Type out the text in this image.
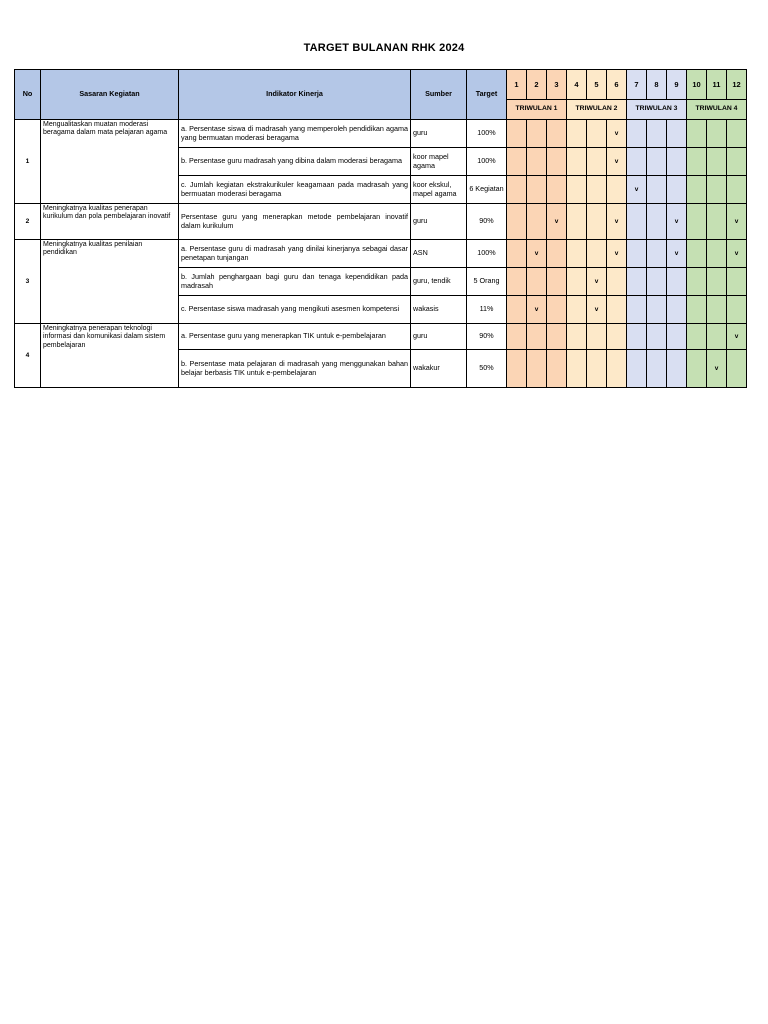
TARGET BULANAN RHK 2024
No	Sasaran Kegiatan	Indikator Kinerja	Sumber	Target	1	2	3	4	5	6	7	8	9	10	11	12
					TRIWULAN 1			TRIWULAN 2			TRIWULAN 3			TRIWULAN 4		
1	Mengualitaskan muatan moderasi beragama dalam mata pelajaran agama	a. Persentase siswa di madrasah yang memperoleh pendidikan agama yang bermuatan moderasi beragama	guru	100%						v						
		b. Persentase guru madrasah yang dibina dalam moderasi beragama	koor mapel agama	100%						v						
		c. Jumlah kegiatan ekstrakurikuler keagamaan pada madrasah yang bermuatan moderasi beragama	koor ekskul, mapel agama	6 Kegiatan							v					
2	Meningkatnya kualitas penerapan kurikulum dan pola pembelajaran inovatif	Persentase guru yang menerapkan metode pembelajaran inovatif dalam kurikulum	guru	90%			v			v			v			v
3	Meningkatnya kualitas penilaian pendidikan	a. Persentase guru di madrasah yang dinilai kinerjanya sebagai dasar penetapan tunjangan	ASN	100%		v				v			v			v
		b. Jumlah penghargaan bagi guru dan tenaga kependidikan pada madrasah	guru, tendik	5 Orang					v							
		c. Persentase siswa madrasah yang mengikuti asesmen kompetensi	wakasis	11%		v			v							
4	Meningkatnya penerapan teknologi informasi dan komunikasi dalam sistem pembelajaran	a. Persentase guru yang menerapkan TIK untuk e-pembelajaran	guru	90%												v
		b. Persentase mata pelajaran di madrasah yang menggunakan bahan belajar berbasis TIK untuk e-pembelajaran	wakakur	50%											v	
